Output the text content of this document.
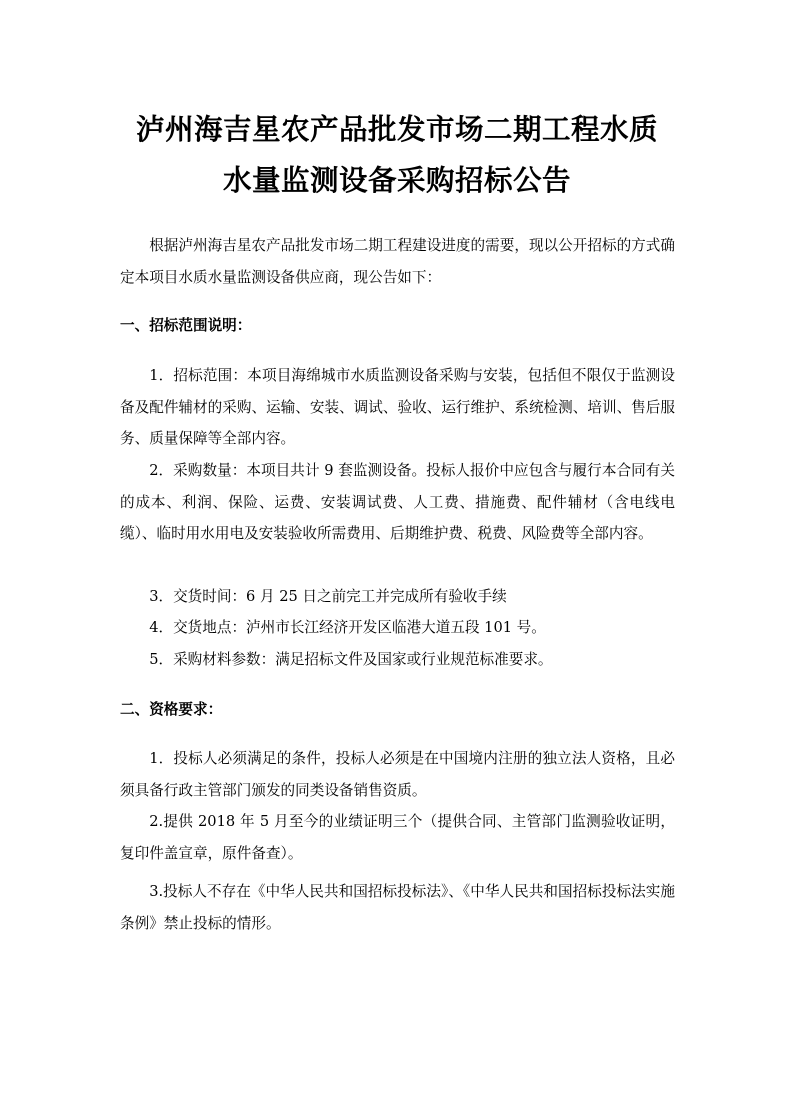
泸州海吉星农产品批发市场二期工程水质
水量监测设备采购招标公告

根据泸州海吉星农产品批发市场二期工程建设进度的需要，现以公开招标的方式确定本项目水质水量监测设备供应商，现公告如下：

一、招标范围说明：

1．招标范围：本项目海绵城市水质监测设备采购与安装，包括但不限仅于监测设备及配件辅材的采购、运输、安装、调试、验收、运行维护、系统检测、培训、售后服务、质量保障等全部内容。

2．采购数量：本项目共计 9 套监测设备。投标人报价中应包含与履行本合同有关的成本、利润、保险、运费、安装调试费、人工费、措施费、配件辅材（含电线电缆）、临时用水用电及安装验收所需费用、后期维护费、税费、风险费等全部内容。

3．交货时间：6 月 25 日之前完工并完成所有验收手续

4．交货地点：泸州市长江经济开发区临港大道五段 101 号。

5．采购材料参数：满足招标文件及国家或行业规范标准要求。

二、资格要求：

1．投标人必须满足的条件，投标人必须是在中国境内注册的独立法人资格，且必须具备行政主管部门颁发的同类设备销售资质。

2.提供 2018 年 5 月至今的业绩证明三个（提供合同、主管部门监测验收证明，复印件盖宣章，原件备查）。

3.投标人不存在《中华人民共和国招标投标法》、《中华人民共和国招标投标法实施条例》禁止投标的情形。
